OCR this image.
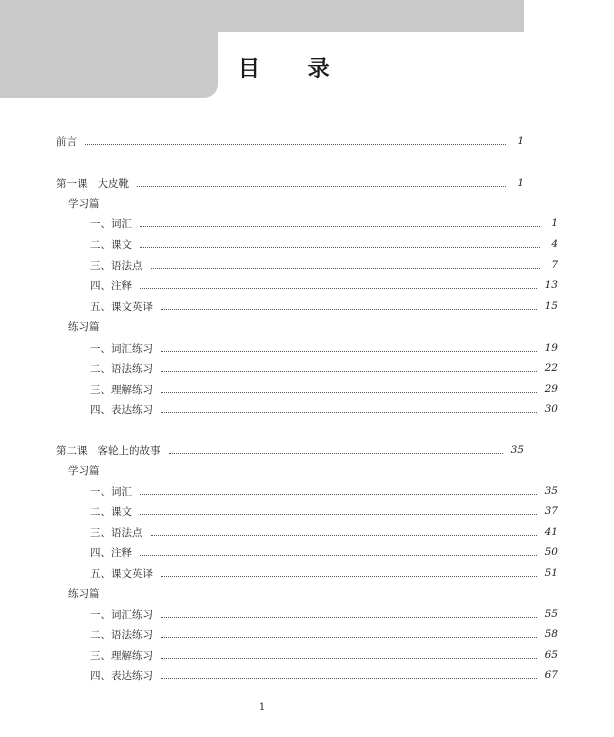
目 录
前言	1
第一课 大皮靴	1
学习篇
一、词汇	1
二、课文	4
三、语法点	7
四、注释	13
五、课文英译	15
练习篇
一、词汇练习	19
二、语法练习	22
三、理解练习	29
四、表达练习	30
第二课 客轮上的故事	35
学习篇
一、词汇	35
二、课文	37
三、语法点	41
四、注释	50
五、课文英译	51
练习篇
一、词汇练习	55
二、语法练习	58
三、理解练习	65
四、表达练习	67
1
